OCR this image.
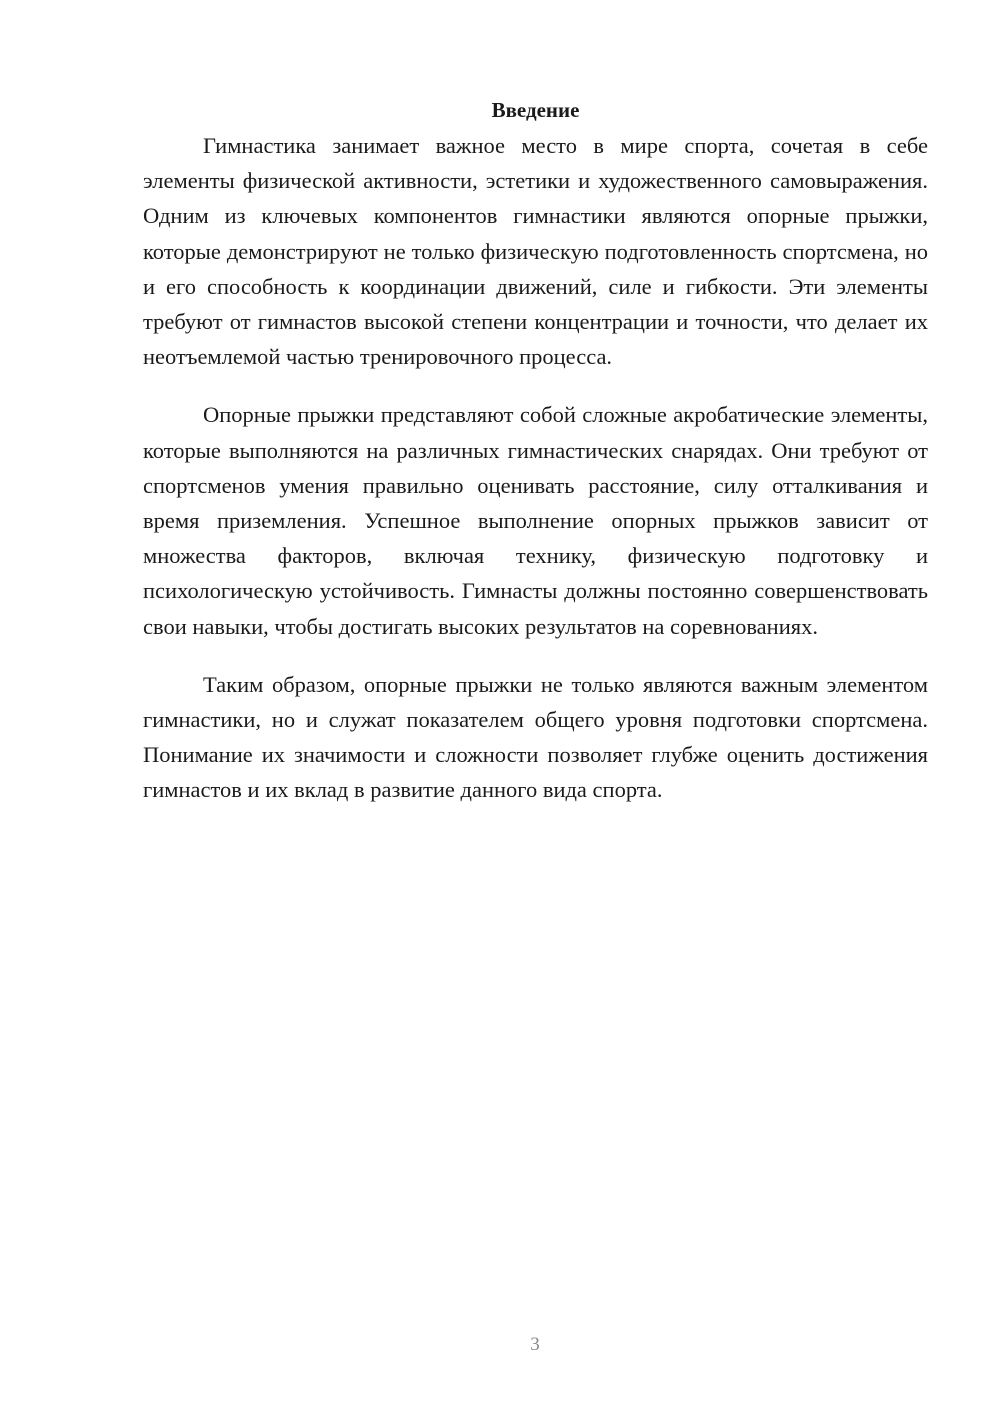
Введение

Гимнастика занимает важное место в мире спорта, сочетая в себе элементы физической активности, эстетики и художественного самовыражения. Одним из ключевых компонентов гимнастики являются опорные прыжки, которые демонстрируют не только физическую подготовленность спортсмена, но и его способность к координации движений, силе и гибкости. Эти элементы требуют от гимнастов высокой степени концентрации и точности, что делает их неотъемлемой частью тренировочного процесса.

Опорные прыжки представляют собой сложные акробатические элементы, которые выполняются на различных гимнастических снарядах. Они требуют от спортсменов умения правильно оценивать расстояние, силу отталкивания и время приземления. Успешное выполнение опорных прыжков зависит от множества факторов, включая технику, физическую подготовку и психологическую устойчивость. Гимнасты должны постоянно совершенствовать свои навыки, чтобы достигать высоких результатов на соревнованиях.

Таким образом, опорные прыжки не только являются важным элементом гимнастики, но и служат показателем общего уровня подготовки спортсмена. Понимание их значимости и сложности позволяет глубже оценить достижения гимнастов и их вклад в развитие данного вида спорта.

3
